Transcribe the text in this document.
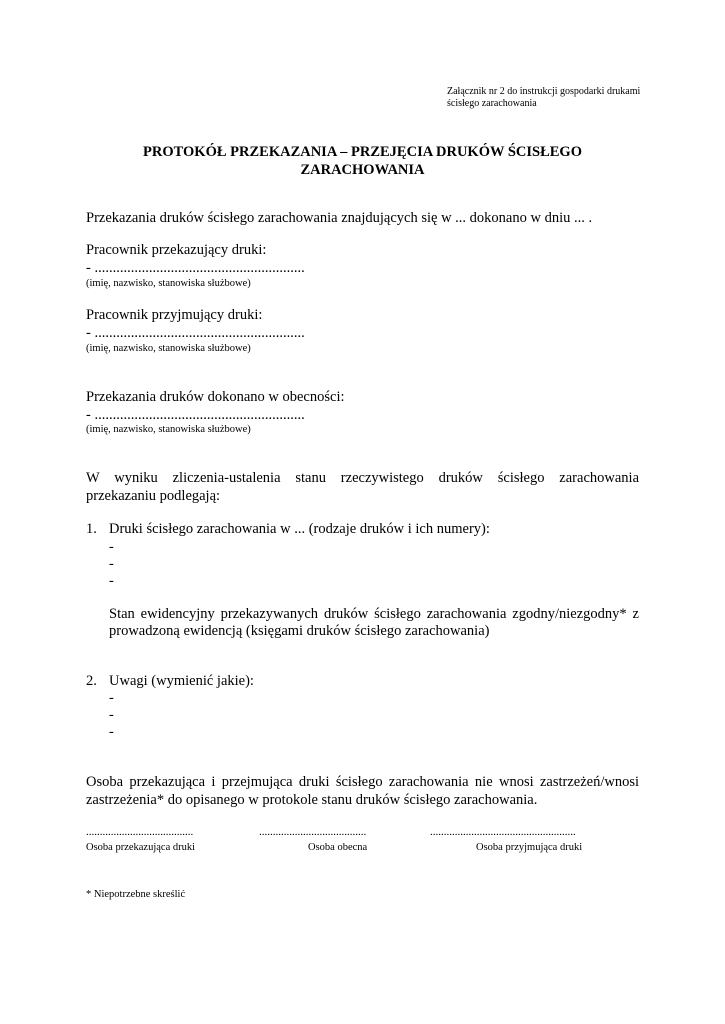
Załącznik nr 2 do instrukcji gospodarki drukami
ścisłego zarachowania
PROTOKÓŁ PRZEKAZANIA – PRZEJĘCIA DRUKÓW ŚCISŁEGO
ZARACHOWANIA
Przekazania druków ścisłego zarachowania znajdujących się w ... dokonano w dniu ... .
Pracownik przekazujący druki:
- ..........................................................
(imię, nazwisko, stanowiska służbowe)
Pracownik przyjmujący druki:
- ..........................................................
(imię, nazwisko, stanowiska służbowe)
Przekazania druków dokonano w obecności:
- ..........................................................
(imię, nazwisko, stanowiska służbowe)
W wyniku zliczenia-ustalenia stanu rzeczywistego druków ścisłego zarachowania
przekazaniu podlegają:
1. Druki ścisłego zarachowania w ... (rodzaje druków i ich numery):
-
-
-
Stan ewidencyjny przekazywanych druków ścisłego zarachowania zgodny/niezgodny* z
prowadzoną ewidencją (księgami druków ścisłego zarachowania)
2. Uwagi (wymienić jakie):
-
-
-
Osoba przekazująca i przejmująca druki ścisłego zarachowania nie wnosi zastrzeżeń/wnosi
zastrzeżenia* do opisanego w protokole stanu druków ścisłego zarachowania.
.......................................
Osoba przekazująca druki
.......................................
Osoba obecna
.....................................................
Osoba przyjmująca druki
* Niepotrzebne skreślić
